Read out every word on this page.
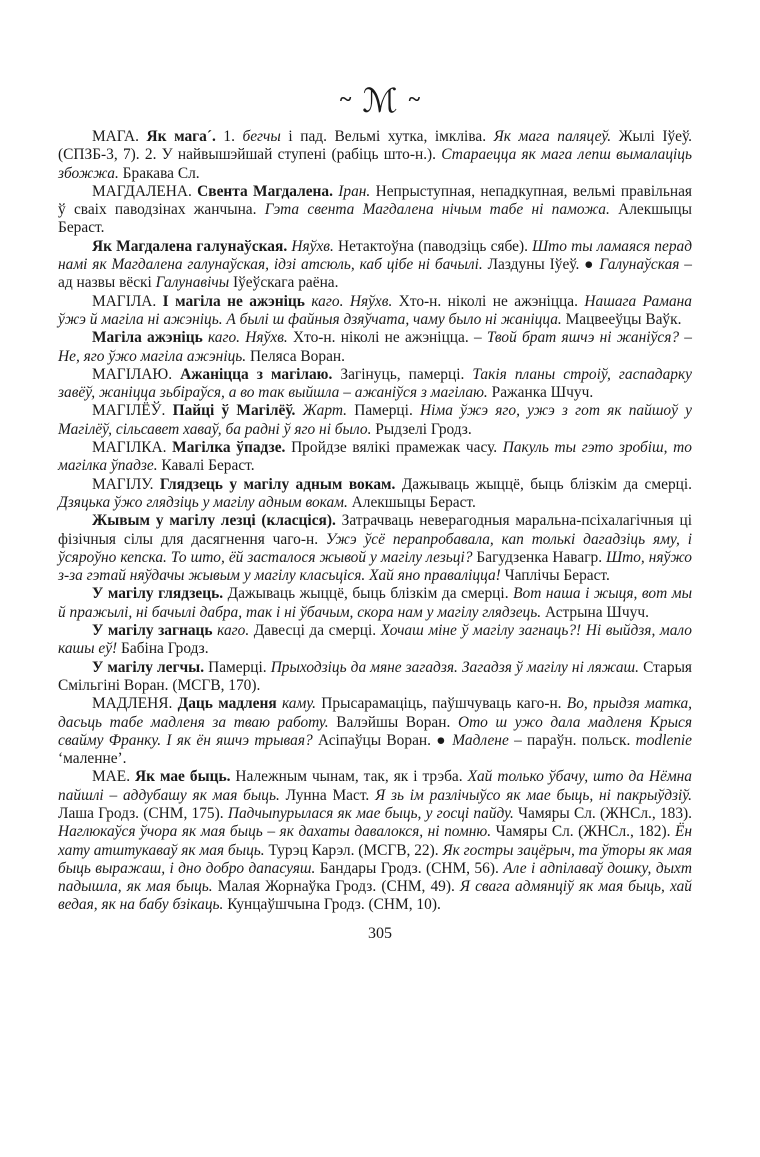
~ ℳ ~

МАГА. Як мага´. 1. бегчы і пад. Вельмі хутка, імкліва. Як мага паляцеў. Жылі Іўеў. (СПЗБ-3, 7). 2. У найвышэйшай ступені (рабіць што-н.). Стараецца як мага лепш вымалаціць збожжа. Бракава Сл.

МАГДАЛЕНА. Свента Магдалена. Іран. Непрыступная, непадкупная, вельмі правільная ў сваіх паводзінах жанчына. Гэта свента Магдалена нічым табе ні паможа. Алекшыцы Бераст.

Як Магдалена галунаўская. Няўхв. Нетактоўна (паводзіць сябе). Што ты ламаяся перад намі як Магдалена галунаўская, ідзі атсюль, каб цібе ні бачылі. Лаздуны Іўеў. ● Галунаўская – ад назвы вёскі Галунавічы Іўеўскага раёна.

МАГІЛА. І магіла не ажэніць каго. Няўхв. Хто-н. ніколі не ажэніцца. Нашага Рамана ўжэ й магіла ні ажэніць. А былі ш файныя дзяўчата, чаму было ні жаніцца. Мацвееўцы Ваўк.

Магіла ажэніць каго. Няўхв. Хто-н. ніколі не ажэніцца. – Твой брат яшчэ ні жаніўся? – Не, яго ўжо магіла ажэніць. Пеляса Воран.

МАГІЛАЮ. Ажаніцца з магілаю. Загінуць, памерці. Такія планы строіў, гаспадарку завёў, жаніцца зьбіраўся, а во так выйшла – ажаніўся з магілаю. Ражанка Шчуч.

МАГІЛЁЎ. Пайці ў Магілёў. Жарт. Памерці. Німа ўжэ яго, ужэ з гот як пайшоў у Магілёў, сільсавет хаваў, ба радні ў яго ні было. Рыдзелі Гродз.

МАГІЛКА. Магілка ўпадзе. Пройдзе вялікі прамежак часу. Пакуль ты гэто зробіш, то магілка ўпадзе. Кавалі Бераст.

МАГІЛУ. Глядзець у магілу адным вокам. Дажываць жыццё, быць блізкім да смерці. Дзяцька ўжо глядзіць у магілу адным вокам. Алекшыцы Бераст.

Жывым у магілу лезці (класціся). Затрачваць неверагодныя маральна-псіхалагічныя ці фізічныя сілы для дасягнення чаго-н. Ужэ ўсё перапробавала, кап толькі дагадзіць яму, і ўсяроўно кепска. То што, ёй засталося жывой у магілу лезьці? Багудзенка Навагр. Што, няўжо з-за гэтай няўдачы жывым у магілу класьціся. Хай яно праваліцца! Чаплічы Бераст.

У магілу глядзець. Дажываць жыццё, быць блізкім да смерці. Вот наша і жыця, вот мы й пражылі, ні бачылі дабра, так і ні ўбачым, скора нам у магілу глядзець. Астрына Шчуч.

У магілу загнаць каго. Давесці да смерці. Хочаш міне ў магілу загнаць?! Ні выйдзя, мало кашы еў! Бабіна Гродз.

У магілу легчы. Памерці. Прыходзіць да мяне загадзя. Загадзя ў магілу ні ляжаш. Старыя Смільгіні Воран. (МСГВ, 170).

МАДЛЕНЯ. Даць мадленя каму. Прысарамаціць, паўшчуваць каго-н. Во, прыдзя матка, дасьць табе мадленя за тваю работу. Валэйшы Воран. Ото ш ужо дала мадленя Крыся свайму Франку. І як ён яшчэ трывая? Асіпаўцы Воран. ● Мадлене – параўн. польск. modlenie ‘маленне’.

МАЕ. Як мае быць. Належным чынам, так, як і трэба. Хай только ўбачу, што да Нёмна пайшлі – аддубашу як мая быць. Лунна Маст. Я зь ім разлічыўсо як мае быць, ні пакрыўдзіў. Лаша Гродз. (СНМ, 175). Падчыпурылася як мае быць, у госці пайду. Чамяры Сл. (ЖНСл., 183). Наглюкаўся ўчора як мая быць – як дахаты давалокся, ні помню. Чамяры Сл. (ЖНСл., 182). Ён хату атштукаваў як мая быць. Турэц Карэл. (МСГВ, 22). Як гостры зацёрыч, та ўторы як мая быць выражаш, і дно добро дапасуяш. Бандары Гродз. (СНМ, 56). Але і адпілаваў дошку, дыхт падышла, як мая быць. Малая Жорнаўка Гродз. (СНМ, 49). Я свага адмянціў як мая быць, хай ведая, як на бабу бзікаць. Кунцаўшчына Гродз. (СНМ, 10).

305
